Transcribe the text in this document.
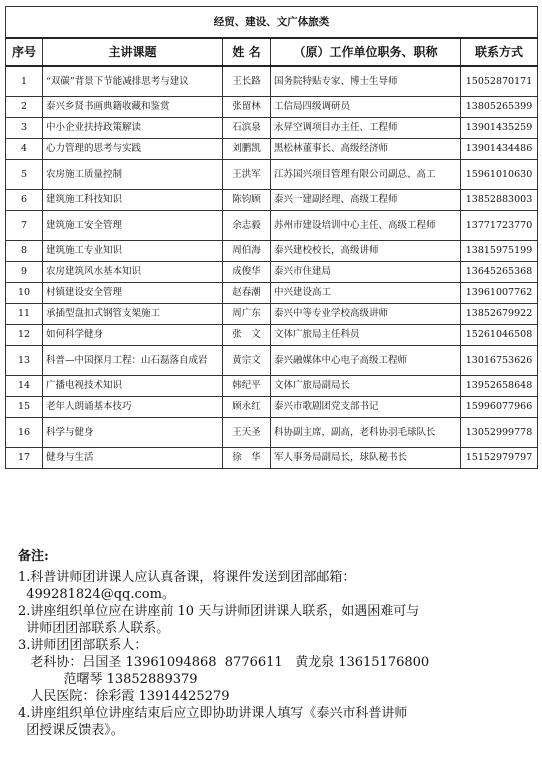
经贸、建设、文广体旅类				
序号	主讲课题	姓 名	（原）工作单位职务、职称	联系方式
1	“双碳”背景下节能减排思考与建议	王长路	国务院特贴专家、博士生导师	15052870171
2	泰兴乡贤书画典籍收藏和鉴赏	张留林	工信局四级调研员	13805265399
3	中小企业扶持政策解读	石滨泉	永昇空调项目办主任、工程师	13901435259
4	心力管理的思考与实践	刘鹏凯	黑松林董事长、高级经济师	13901434486
5	农房施工质量控制	王洪军	江苏国兴项目管理有限公司副总、高工	15961010630
6	建筑施工科技知识	陈钧顾	泰兴一建副经理、高级工程师	13852883003
7	建筑施工安全管理	余志毅	苏州市建设培训中心主任、高级工程师	13771723770
8	建筑施工专业知识	周伯海	泰兴建校校长，高级讲师	13815975199
9	农房建筑风水基本知识	成俊华	泰兴市住建局	13645265368
10	村镇建设安全管理	赵春潮	中兴建设高工	13961007762
11	承插型盘扣式钢管支架施工	周广东	泰兴中等专业学校高级讲师	13852679922
12	如何科学健身	张　文	文体广旅局主任科员	15261046508
13	科普—中国探月工程：山石磊落自成岩	黄宗文	泰兴融媒体中心电子高级工程师	13016753626
14	广播电视技术知识	韩纪平	文体广旅局副局长	13952658648
15	老年人朗诵基本技巧	顾永红	泰兴市歌剧团党支部书记	15996077966
16	科学与健身	王天圣	科协副主席，副高，老科协羽毛球队长	13052999778
17	健身与生活	徐　华	军人事务局副局长，球队秘书长	15152979797
备注:
1.科普讲师团讲课人应认真备课，将课件发送到团部邮箱：
499281824@qq.com。
2.讲座组织单位应在讲座前 10 天与讲师团讲课人联系，如遇困难可与
讲师团团部联系人联系。
3.讲师团团部联系人：
老科协：吕国圣 13961094868  8776611   黄龙泉 13615176800
范曙琴 13852889379
人民医院：徐彩霞 13914425279
4.讲座组织单位讲座结束后应立即协助讲课人填写《泰兴市科普讲师
团授课反馈表》。
